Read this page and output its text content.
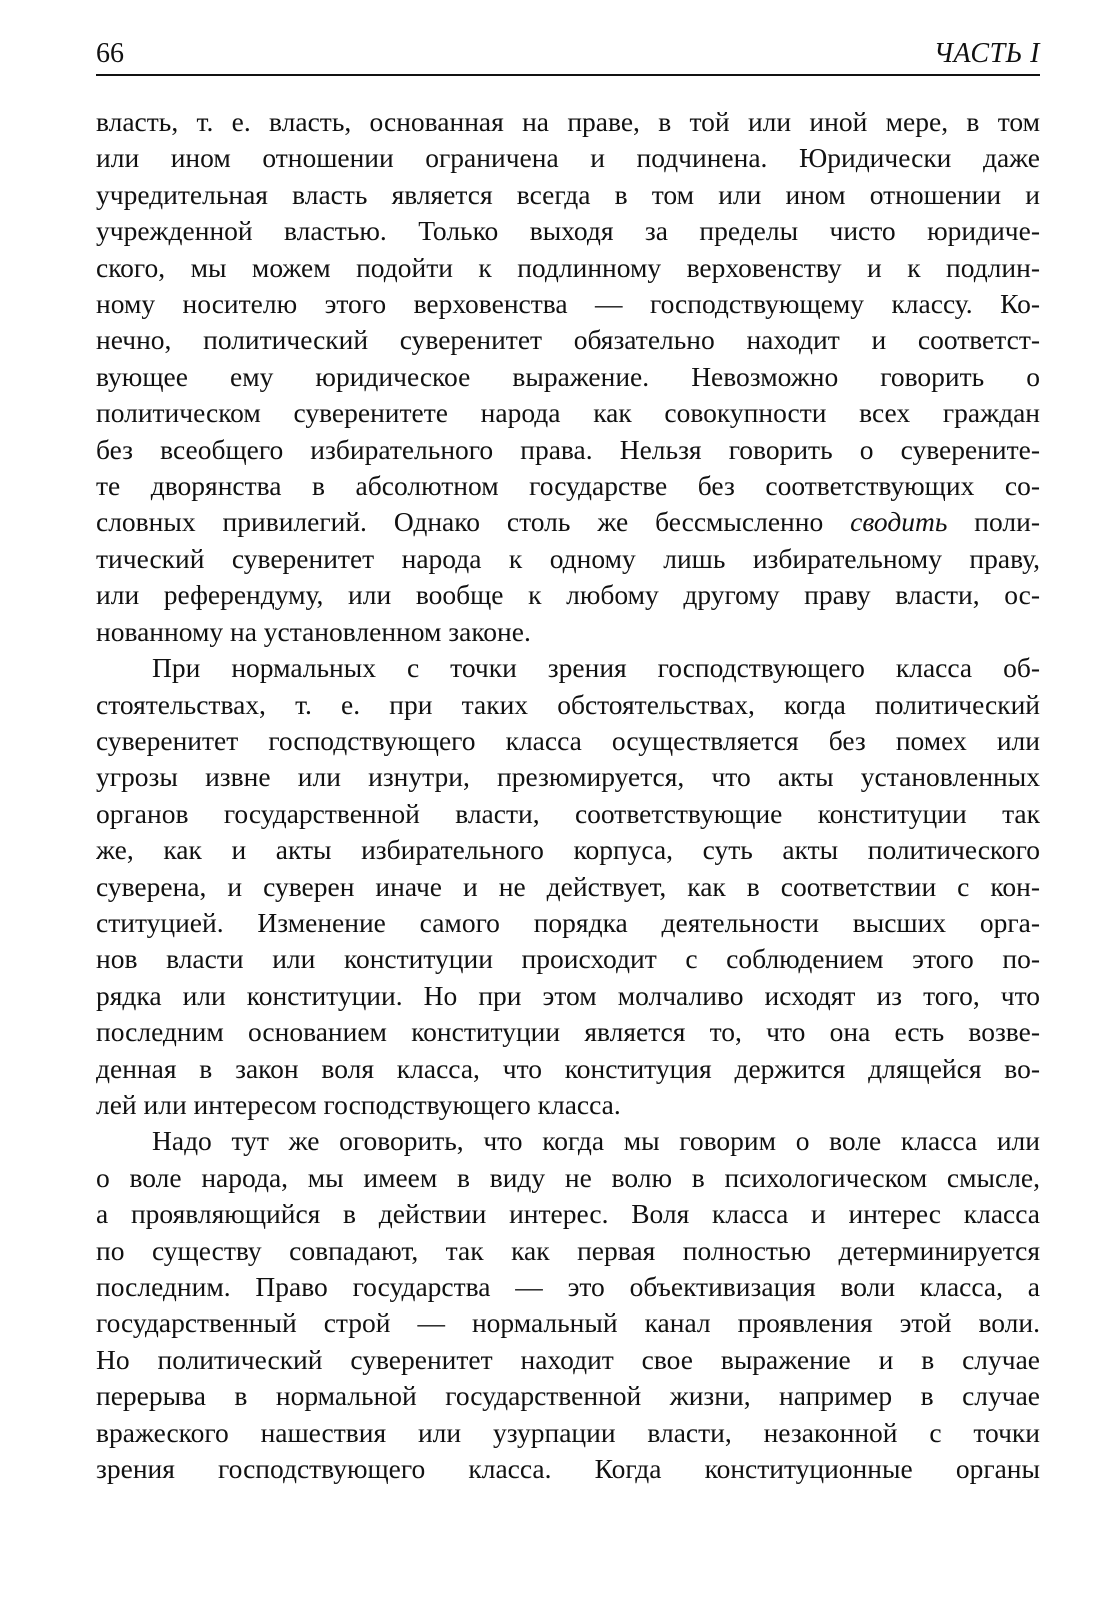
66	ЧАСТЬ I
власть, т. е. власть, основанная на праве, в той или иной мере, в том
или ином отношении ограничена и подчинена. Юридически даже
учредительная власть является всегда в том или ином отношении и
учрежденной властью. Только выходя за пределы чисто юридиче-
ского, мы можем подойти к подлинному верховенству и к подлин-
ному носителю этого верховенства — господствующему классу. Ко-
нечно, политический суверенитет обязательно находит и соответст-
вующее ему юридическое выражение. Невозможно говорить о
политическом суверенитете народа как совокупности всех граждан
без всеобщего избирательного права. Нельзя говорить о суверените-
те дворянства в абсолютном государстве без соответствующих со-
словных привилегий. Однако столь же бессмысленно сводить поли-
тический суверенитет народа к одному лишь избирательному праву,
или референдуму, или вообще к любому другому праву власти, ос-
нованному на установленном законе.
При нормальных с точки зрения господствующего класса об-
стоятельствах, т. е. при таких обстоятельствах, когда политический
суверенитет господствующего класса осуществляется без помех или
угрозы извне или изнутри, презюмируется, что акты установленных
органов государственной власти, соответствующие конституции так
же, как и акты избирательного корпуса, суть акты политического
суверена, и суверен иначе и не действует, как в соответствии с кон-
ституцией. Изменение самого порядка деятельности высших орга-
нов власти или конституции происходит с соблюдением этого по-
рядка или конституции. Но при этом молчаливо исходят из того, что
последним основанием конституции является то, что она есть возве-
денная в закон воля класса, что конституция держится длящейся во-
лей или интересом господствующего класса.
Надо тут же оговорить, что когда мы говорим о воле класса или
о воле народа, мы имеем в виду не волю в психологическом смысле,
а проявляющийся в действии интерес. Воля класса и интерес класса
по существу совпадают, так как первая полностью детерминируется
последним. Право государства — это объективизация воли класса, а
государственный строй — нормальный канал проявления этой воли.
Но политический суверенитет находит свое выражение и в случае
перерыва в нормальной государственной жизни, например в случае
вражеского нашествия или узурпации власти, незаконной с точки
зрения господствующего класса. Когда конституционные органы
